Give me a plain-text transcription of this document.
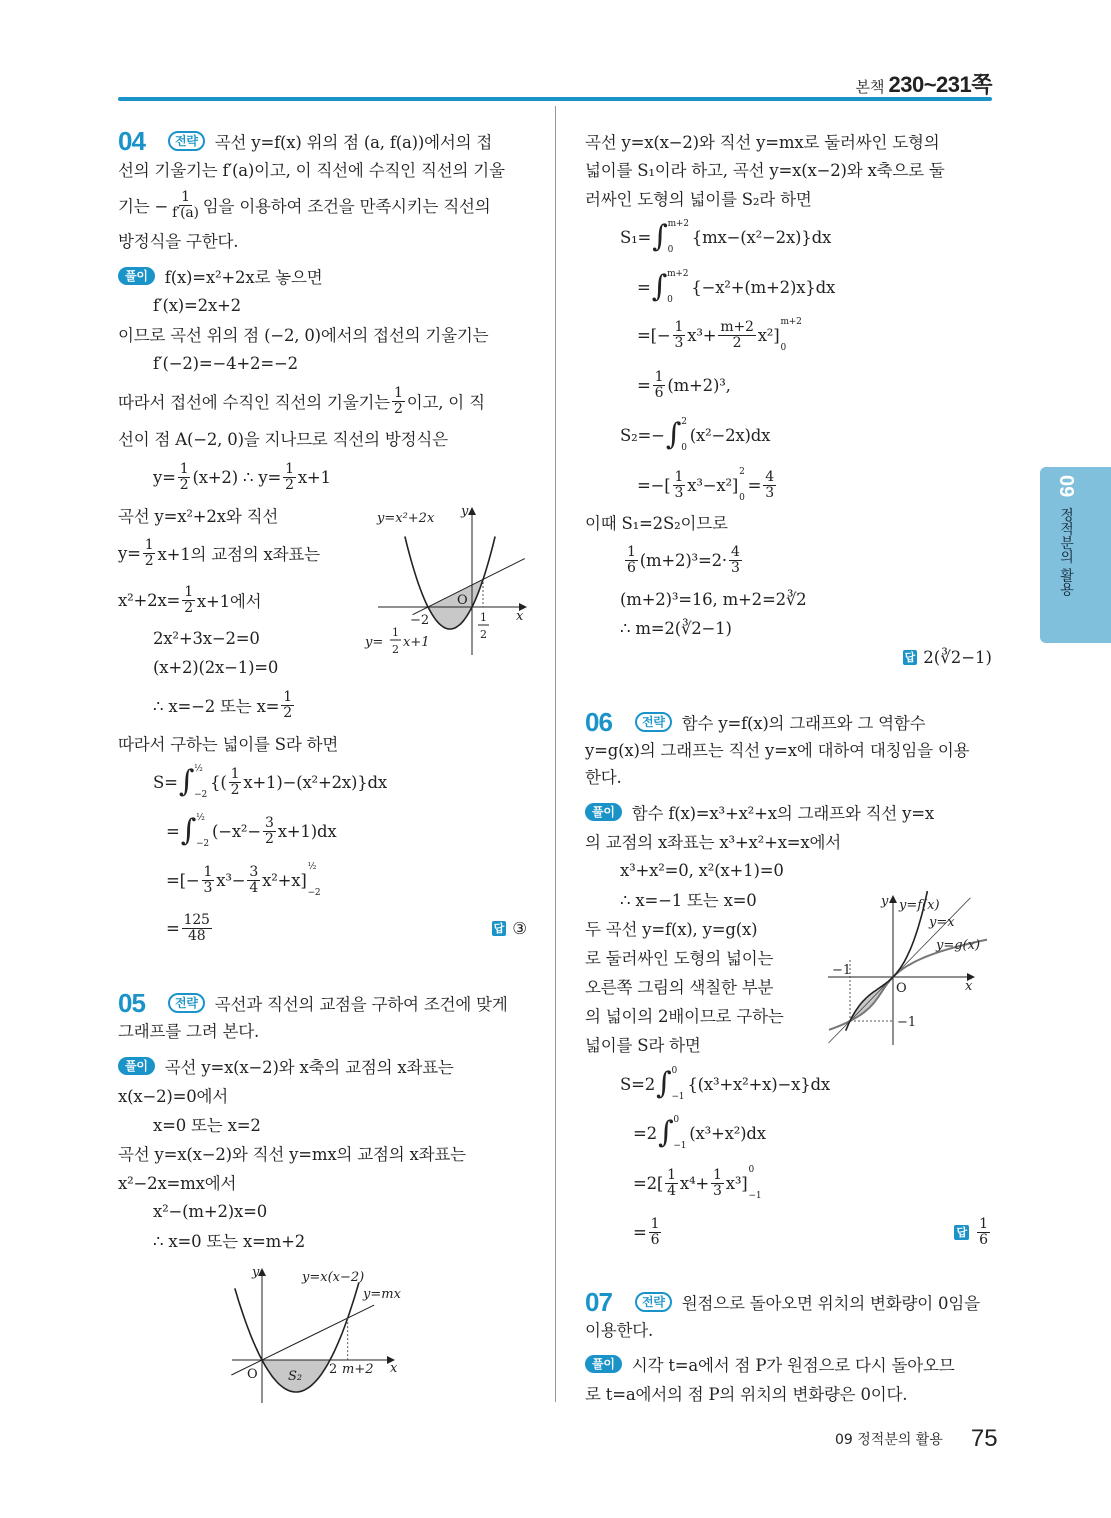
본책 230~231쪽
09 정적분의 활용
04	전략	곡선 y=f(x) 위의 점 (a, f(a))에서의 접
선의 기울기는 f′(a)이고, 이 직선에 수직인 직선의 기울
기는 − $\frac{1}{f'(a)}$ 임을 이용하여 조건을 만족시키는 직선의
방정식을 구한다.
풀이	f(x)=x²+2x로 놓으면
f′(x)=2x+2
이므로 곡선 위의 점 (−2, 0)에서의 접선의 기울기는
f′(−2)=−4+2=−2
따라서 접선에 수직인 직선의 기울기는 $\frac{1}{2}$ 이고, 이 직
선이 점 A(−2, 0)을 지나므로 직선의 방정식은
$y= \frac{1}{2} (x+2)$ ∴ $y= \frac{1}{2} x+1$
곡선 y=x²+2x와 직선
$y= \frac{1}{2} x+1$의 교점의 x좌표는
$x^2+2x= \frac{1}{2} x+1$에서
2x²+3x−2=0
(x+2)(2x−1)=0
∴ x=−2 또는 $x= \frac{1}{2}$
따라서 구하는 넓이를 S라 하면
S= ∫ ½
−2
{( $\frac{1}{2} x+1)-(x^2+2x)\}dx$
= ∫ ½
−2
$(-x^2- \frac{3}{2} x+1)dx$
=[− $\frac{1}{3} x^3- \frac{3}{4} x^2+x$]
½
−2
= $\frac{125}{48}$	답 ③
05	전략	곡선과 직선의 교점을 구하여 조건에 맞게
그래프를 그려 본다.
풀이	곡선 y=x(x−2)와 x축의 교점의 x좌표는
x(x−2)=0에서
x=0 또는 x=2
곡선 y=x(x−2)와 직선 y=mx의 교점의 x좌표는
x²−2x=mx에서
x²−(m+2)x=0
∴ x=0 또는 x=m+2
곡선 y=x(x−2)와 직선 y=mx로 둘러싸인 도형의
넓이를 S₁이라 하고, 곡선 y=x(x−2)와 x축으로 둘
러싸인 도형의 넓이를 S₂라 하면
S₁= ∫ m+2
0
{mx−(x²−2x)}dx
= ∫ m+2
0
{−x²+(m+2)x}dx
=[− $\frac{1}{3} x^3+ \frac{m+2}{2} x^2$]
m+2
0
= $\frac{1}{6} (m+2)^3$,
S₂=− ∫ 2
0
(x²−2x)dx
=−[ $\frac{1}{3} x^3-x^2$]
2
0
= $\frac{4}{3}$
이때 S₁=2S₂이므로
$\frac{1}{6} (m+2)^3=2\cdot \frac{4}{3}$
(m+2)³=16, m+2=2∛2
∴ m=2(∛2−1)
답 2(∛2−1)
06	전략	함수 y=f(x)의 그래프와 그 역함수
y=g(x)의 그래프는 직선 y=x에 대하여 대칭임을 이용
한다.
풀이	함수 f(x)=x³+x²+x의 그래프와 직선 y=x
의 교점의 x좌표는 x³+x²+x=x에서
x³+x²=0, x²(x+1)=0
∴ x=−1 또는 x=0
두 곡선 y=f(x), y=g(x)
로 둘러싸인 도형의 넓이는
오른쪽 그림의 색칠한 부분
의 넓이의 2배이므로 구하는
넓이를 S라 하면
S=2 ∫ 0
−1
{(x³+x²+x)−x}dx
=2 ∫ 0
−1
(x³+x²)dx
$=2[ \frac{1}{4} x^4+ \frac{1}{3} x^3]$
0
−1
= $\frac{1}{6}$	답 $\frac{1}{6}$
07	전략	원점으로 돌아오면 위치의 변화량이 0임을
이용한다.
풀이	시각 t=a에서 점 P가 원점으로 다시 돌아오므
로 t=a에서의 점 P의 위치의 변화량은 0이다.
y=x²+2x y
x
O
−2	1
2
y=
1
2 x+1
y	y=x(x−2)
y=mx
O S₂ 2 m+2 x
y y=f(x)
y=x
y=g(x)
−1
O	x
−1
09 정적분의 활용 75
